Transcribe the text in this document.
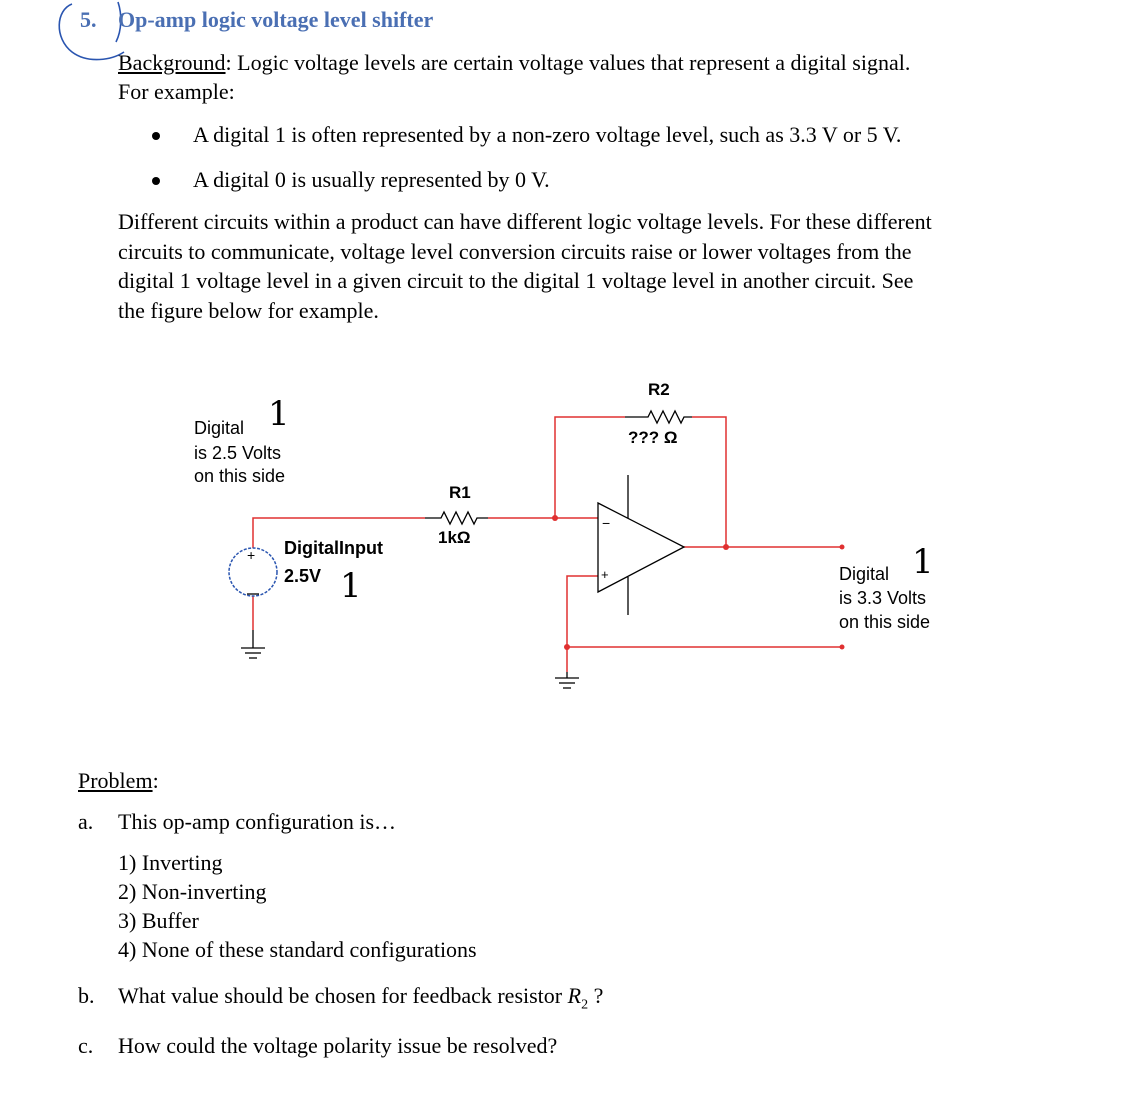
5. Op-amp logic voltage level shifter
Background: Logic voltage levels are certain voltage values that represent a digital signal.
For example:
A digital 1 is often represented by a non-zero voltage level, such as 3.3 V or 5 V.
A digital 0 is usually represented by 0 V.
Different circuits within a product can have different logic voltage levels. For these different
circuits to communicate, voltage level conversion circuits raise or lower voltages from the
digital 1 voltage level in a given circuit to the digital 1 voltage level in another circuit. See
the figure below for example.
−
+
+
R2
??? Ω
R1
1kΩ
DigitalInput
2.5V 1
Digital 1
is 2.5 Volts
on this side
Digital 1
is 3.3 Volts
on this side
Problem:
a. This op-amp configuration is…
1) Inverting
2) Non-inverting
3) Buffer
4) None of these standard configurations
b. What value should be chosen for feedback resistor $R_2$ ?
c. How could the voltage polarity issue be resolved?
